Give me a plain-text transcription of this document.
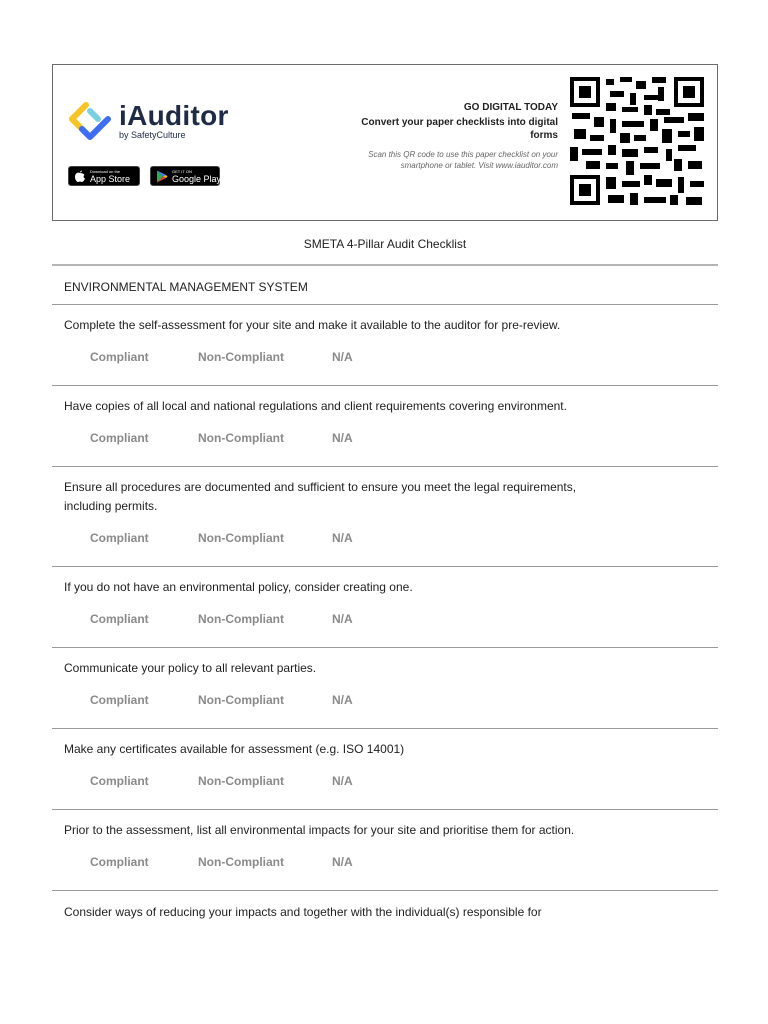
iAuditor
by SafetyCulture
Download on the
App Store
GET IT ON
Google Play
GO DIGITAL TODAY
Convert your paper checklists into digital forms
Scan this QR code to use this paper checklist on your smartphone or tablet. Visit www.iauditor.com
SMETA 4-Pillar Audit Checklist
ENVIRONMENTAL MANAGEMENT SYSTEM
Complete the self-assessment for your site and make it available to the auditor for pre-review.
Compliant	Non-Compliant	N/A
Have copies of all local and national regulations and client requirements covering environment.
Compliant	Non-Compliant	N/A
Ensure all procedures are documented and sufficient to ensure you meet the legal requirements, including permits.
Compliant	Non-Compliant	N/A
If you do not have an environmental policy, consider creating one.
Compliant	Non-Compliant	N/A
Communicate your policy to all relevant parties.
Compliant	Non-Compliant	N/A
Make any certificates available for assessment (e.g. ISO 14001)
Compliant	Non-Compliant	N/A
Prior to the assessment, list all environmental impacts for your site and prioritise them for action.
Compliant	Non-Compliant	N/A
Consider ways of reducing your impacts and together with the individual(s) responsible for
